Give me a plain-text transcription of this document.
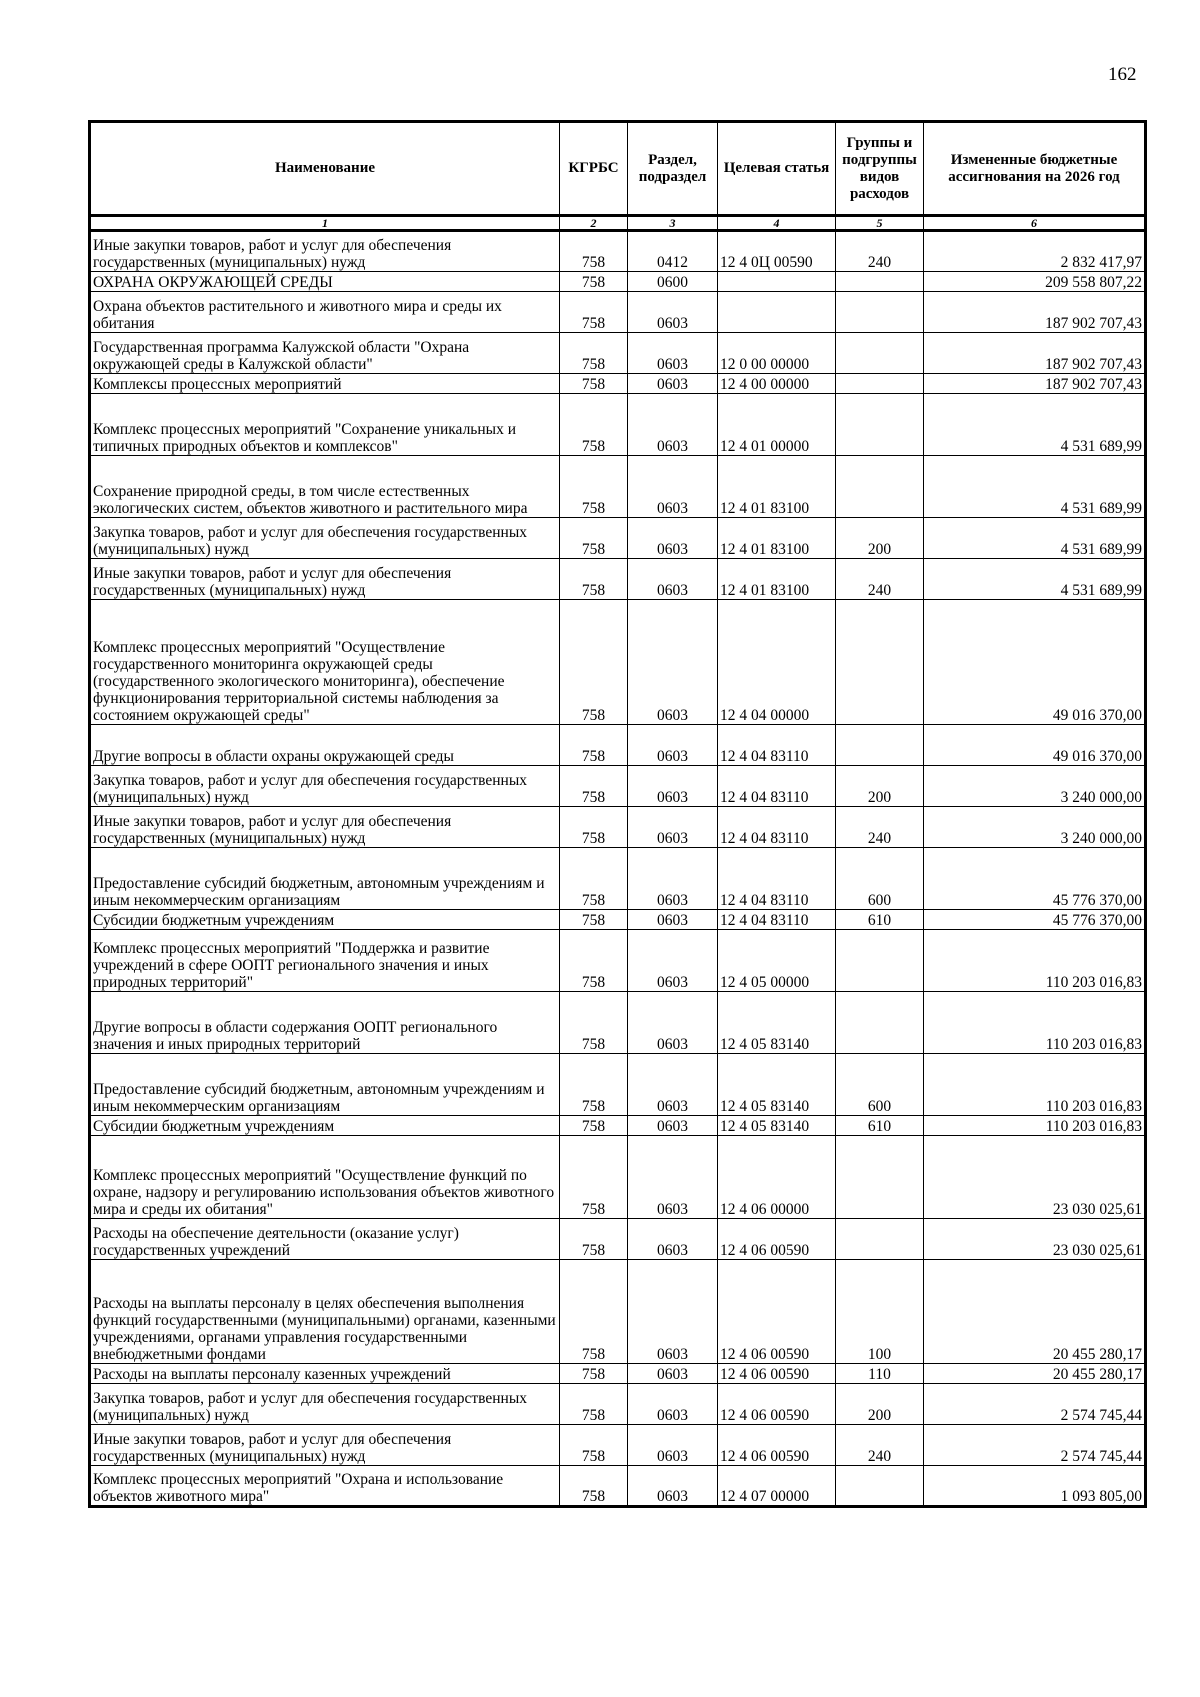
162
Наименование	КГРБС	Раздел, подраздел	Целевая статья	Группы и подгруппы видов расходов	Измененные бюджетные ассигнования на 2026 год
1	2	3	4	5	6
Иные закупки товаров, работ и услуг для обеспечения государственных (муниципальных) нужд	758	0412	12 4 0Ц 00590	240	2 832 417,97
ОХРАНА ОКРУЖАЮЩЕЙ СРЕДЫ	758	0600			209 558 807,22
Охрана объектов растительного и животного мира и среды их обитания	758	0603			187 902 707,43
Государственная программа Калужской области "Охрана окружающей среды в Калужской области"	758	0603	12 0 00 00000		187 902 707,43
Комплексы процессных мероприятий	758	0603	12 4 00 00000		187 902 707,43
Комплекс процессных мероприятий "Сохранение уникальных и типичных природных объектов и комплексов"	758	0603	12 4 01 00000		4 531 689,99
Сохранение природной среды, в том числе естественных экологических систем, объектов животного и растительного мира	758	0603	12 4 01 83100		4 531 689,99
Закупка товаров, работ и услуг для обеспечения государственных (муниципальных) нужд	758	0603	12 4 01 83100	200	4 531 689,99
Иные закупки товаров, работ и услуг для обеспечения государственных (муниципальных) нужд	758	0603	12 4 01 83100	240	4 531 689,99
Комплекс процессных мероприятий "Осуществление государственного мониторинга окружающей среды (государственного экологического мониторинга), обеспечение функционирования территориальной системы наблюдения за состоянием окружающей среды"	758	0603	12 4 04 00000		49 016 370,00
Другие вопросы в области охраны окружающей среды	758	0603	12 4 04 83110		49 016 370,00
Закупка товаров, работ и услуг для обеспечения государственных (муниципальных) нужд	758	0603	12 4 04 83110	200	3 240 000,00
Иные закупки товаров, работ и услуг для обеспечения государственных (муниципальных) нужд	758	0603	12 4 04 83110	240	3 240 000,00
Предоставление субсидий бюджетным, автономным учреждениям и иным некоммерческим организациям	758	0603	12 4 04 83110	600	45 776 370,00
Субсидии бюджетным учреждениям	758	0603	12 4 04 83110	610	45 776 370,00
Комплекс процессных мероприятий "Поддержка и развитие учреждений в сфере ООПТ регионального значения и иных природных территорий"	758	0603	12 4 05 00000		110 203 016,83
Другие вопросы в области содержания ООПТ регионального значения и иных природных территорий	758	0603	12 4 05 83140		110 203 016,83
Предоставление субсидий бюджетным, автономным учреждениям и иным некоммерческим организациям	758	0603	12 4 05 83140	600	110 203 016,83
Субсидии бюджетным учреждениям	758	0603	12 4 05 83140	610	110 203 016,83
Комплекс процессных мероприятий "Осуществление функций по охране, надзору и регулированию использования объектов животного мира и среды их обитания"	758	0603	12 4 06 00000		23 030 025,61
Расходы на обеспечение деятельности (оказание услуг) государственных учреждений	758	0603	12 4 06 00590		23 030 025,61
Расходы на выплаты персоналу в целях обеспечения выполнения функций государственными (муниципальными) органами, казенными учреждениями, органами управления государственными внебюджетными фондами	758	0603	12 4 06 00590	100	20 455 280,17
Расходы на выплаты персоналу казенных учреждений	758	0603	12 4 06 00590	110	20 455 280,17
Закупка товаров, работ и услуг для обеспечения государственных (муниципальных) нужд	758	0603	12 4 06 00590	200	2 574 745,44
Иные закупки товаров, работ и услуг для обеспечения государственных (муниципальных) нужд	758	0603	12 4 06 00590	240	2 574 745,44
Комплекс процессных мероприятий "Охрана и использование объектов животного мира"	758	0603	12 4 07 00000		1 093 805,00
